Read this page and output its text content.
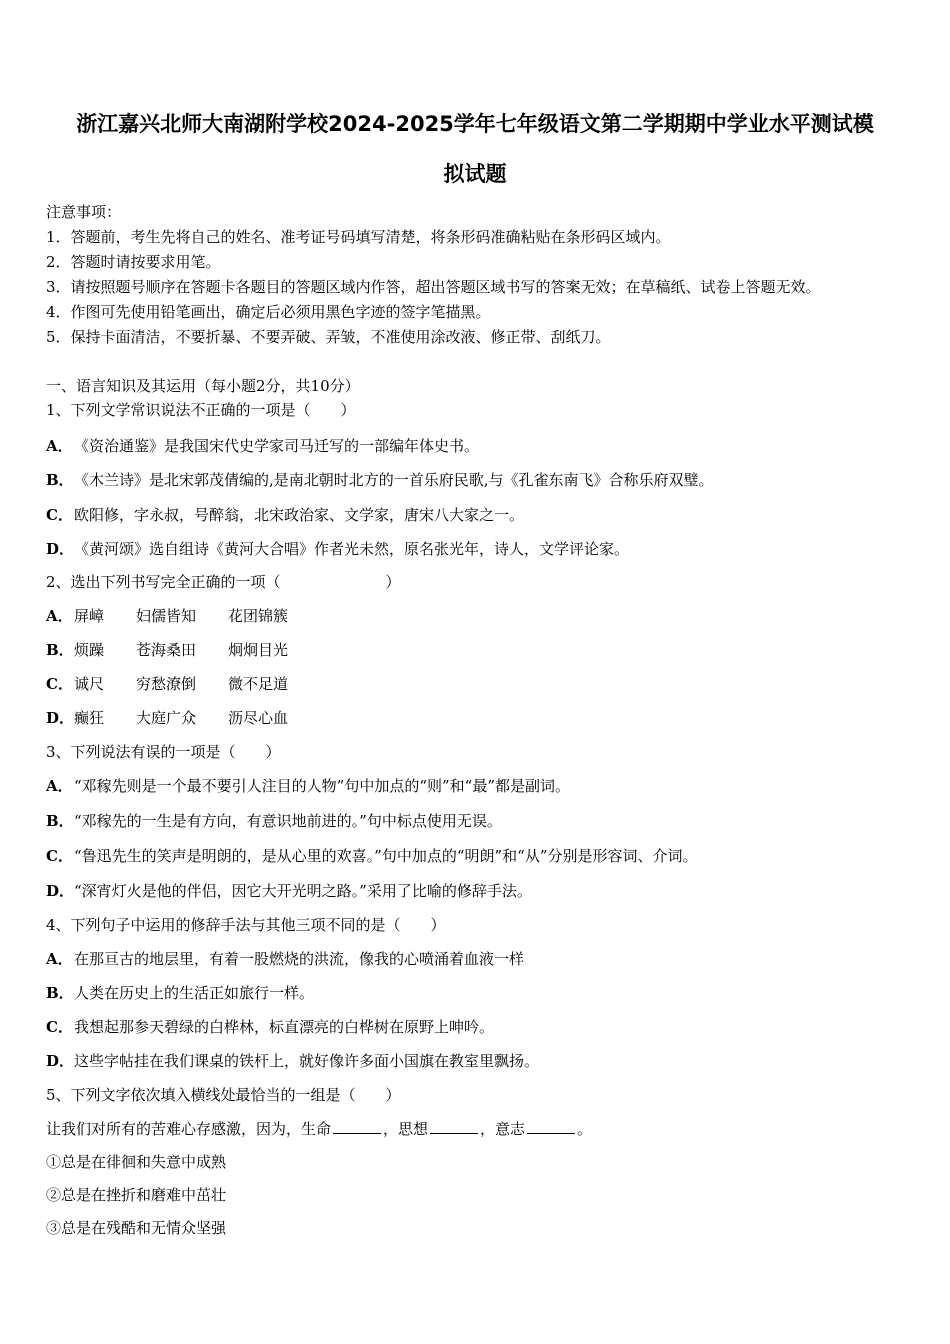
浙江嘉兴北师大南湖附学校2024-2025学年七年级语文第二学期期中学业水平测试模
拟试题
注意事项：
1．答题前，考生先将自己的姓名、准考证号码填写清楚，将条形码准确粘贴在条形码区域内。
2．答题时请按要求用笔。
3．请按照题号顺序在答题卡各题目的答题区域内作答，超出答题区域书写的答案无效；在草稿纸、试卷上答题无效。
4．作图可先使用铅笔画出，确定后必须用黑色字迹的签字笔描黑。
5．保持卡面清洁，不要折暴、不要弄破、弄皱，不准使用涂改液、修正带、刮纸刀。
一、语言知识及其运用（每小题2分，共10分）
1、下列文学常识说法不正确的一项是（　　）
A．《资治通鉴》是我国宋代史学家司马迁写的一部编年体史书。
B．《木兰诗》是北宋郭茂倩编的,是南北朝时北方的一首乐府民歌,与《孔雀东南飞》合称乐府双璧。
C．欧阳修，字永叔，号醉翁，北宋政治家、文学家，唐宋八大家之一。
D．《黄河颂》选自组诗《黄河大合唱》作者光未然，原名张光年，诗人，文学评论家。
2、选出下列书写完全正确的一项（　　　　　　　）
A．屏嶂 妇儒皆知 花团锦簇
B．烦躁 苍海桑田 炯炯目光
C．诚尺 穷愁潦倒 微不足道
D．癫狂 大庭广众 沥尽心血
3、下列说法有误的一项是（　　）
A．“邓稼先则是一个最不要引人注目的人物”句中加点的“则”和“最”都是副词。
B．“邓稼先的一生是有方向，有意识地前进的。”句中标点使用无误。
C．“鲁迅先生的笑声是明朗的，是从心里的欢喜。”句中加点的“明朗”和“从”分别是形容词、介词。
D．“深宵灯火是他的伴侣，因它大开光明之路。”采用了比喻的修辞手法。
4、下列句子中运用的修辞手法与其他三项不同的是（　　）
A．在那亘古的地层里，有着一股燃烧的洪流，像我的心喷涌着血液一样
B．人类在历史上的生活正如旅行一样。
C．我想起那参天碧绿的白桦林，标直漂亮的白桦树在原野上呻吟。
D．这些字帖挂在我们课桌的铁杆上，就好像许多面小国旗在教室里飘扬。
5、下列文字依次填入横线处最恰当的一组是（　　）
让我们对所有的苦难心存感激，因为，生命	，思想	，意志	。
①总是在徘徊和失意中成熟
②总是在挫折和磨难中茁壮
③总是在残酷和无情众坚强
